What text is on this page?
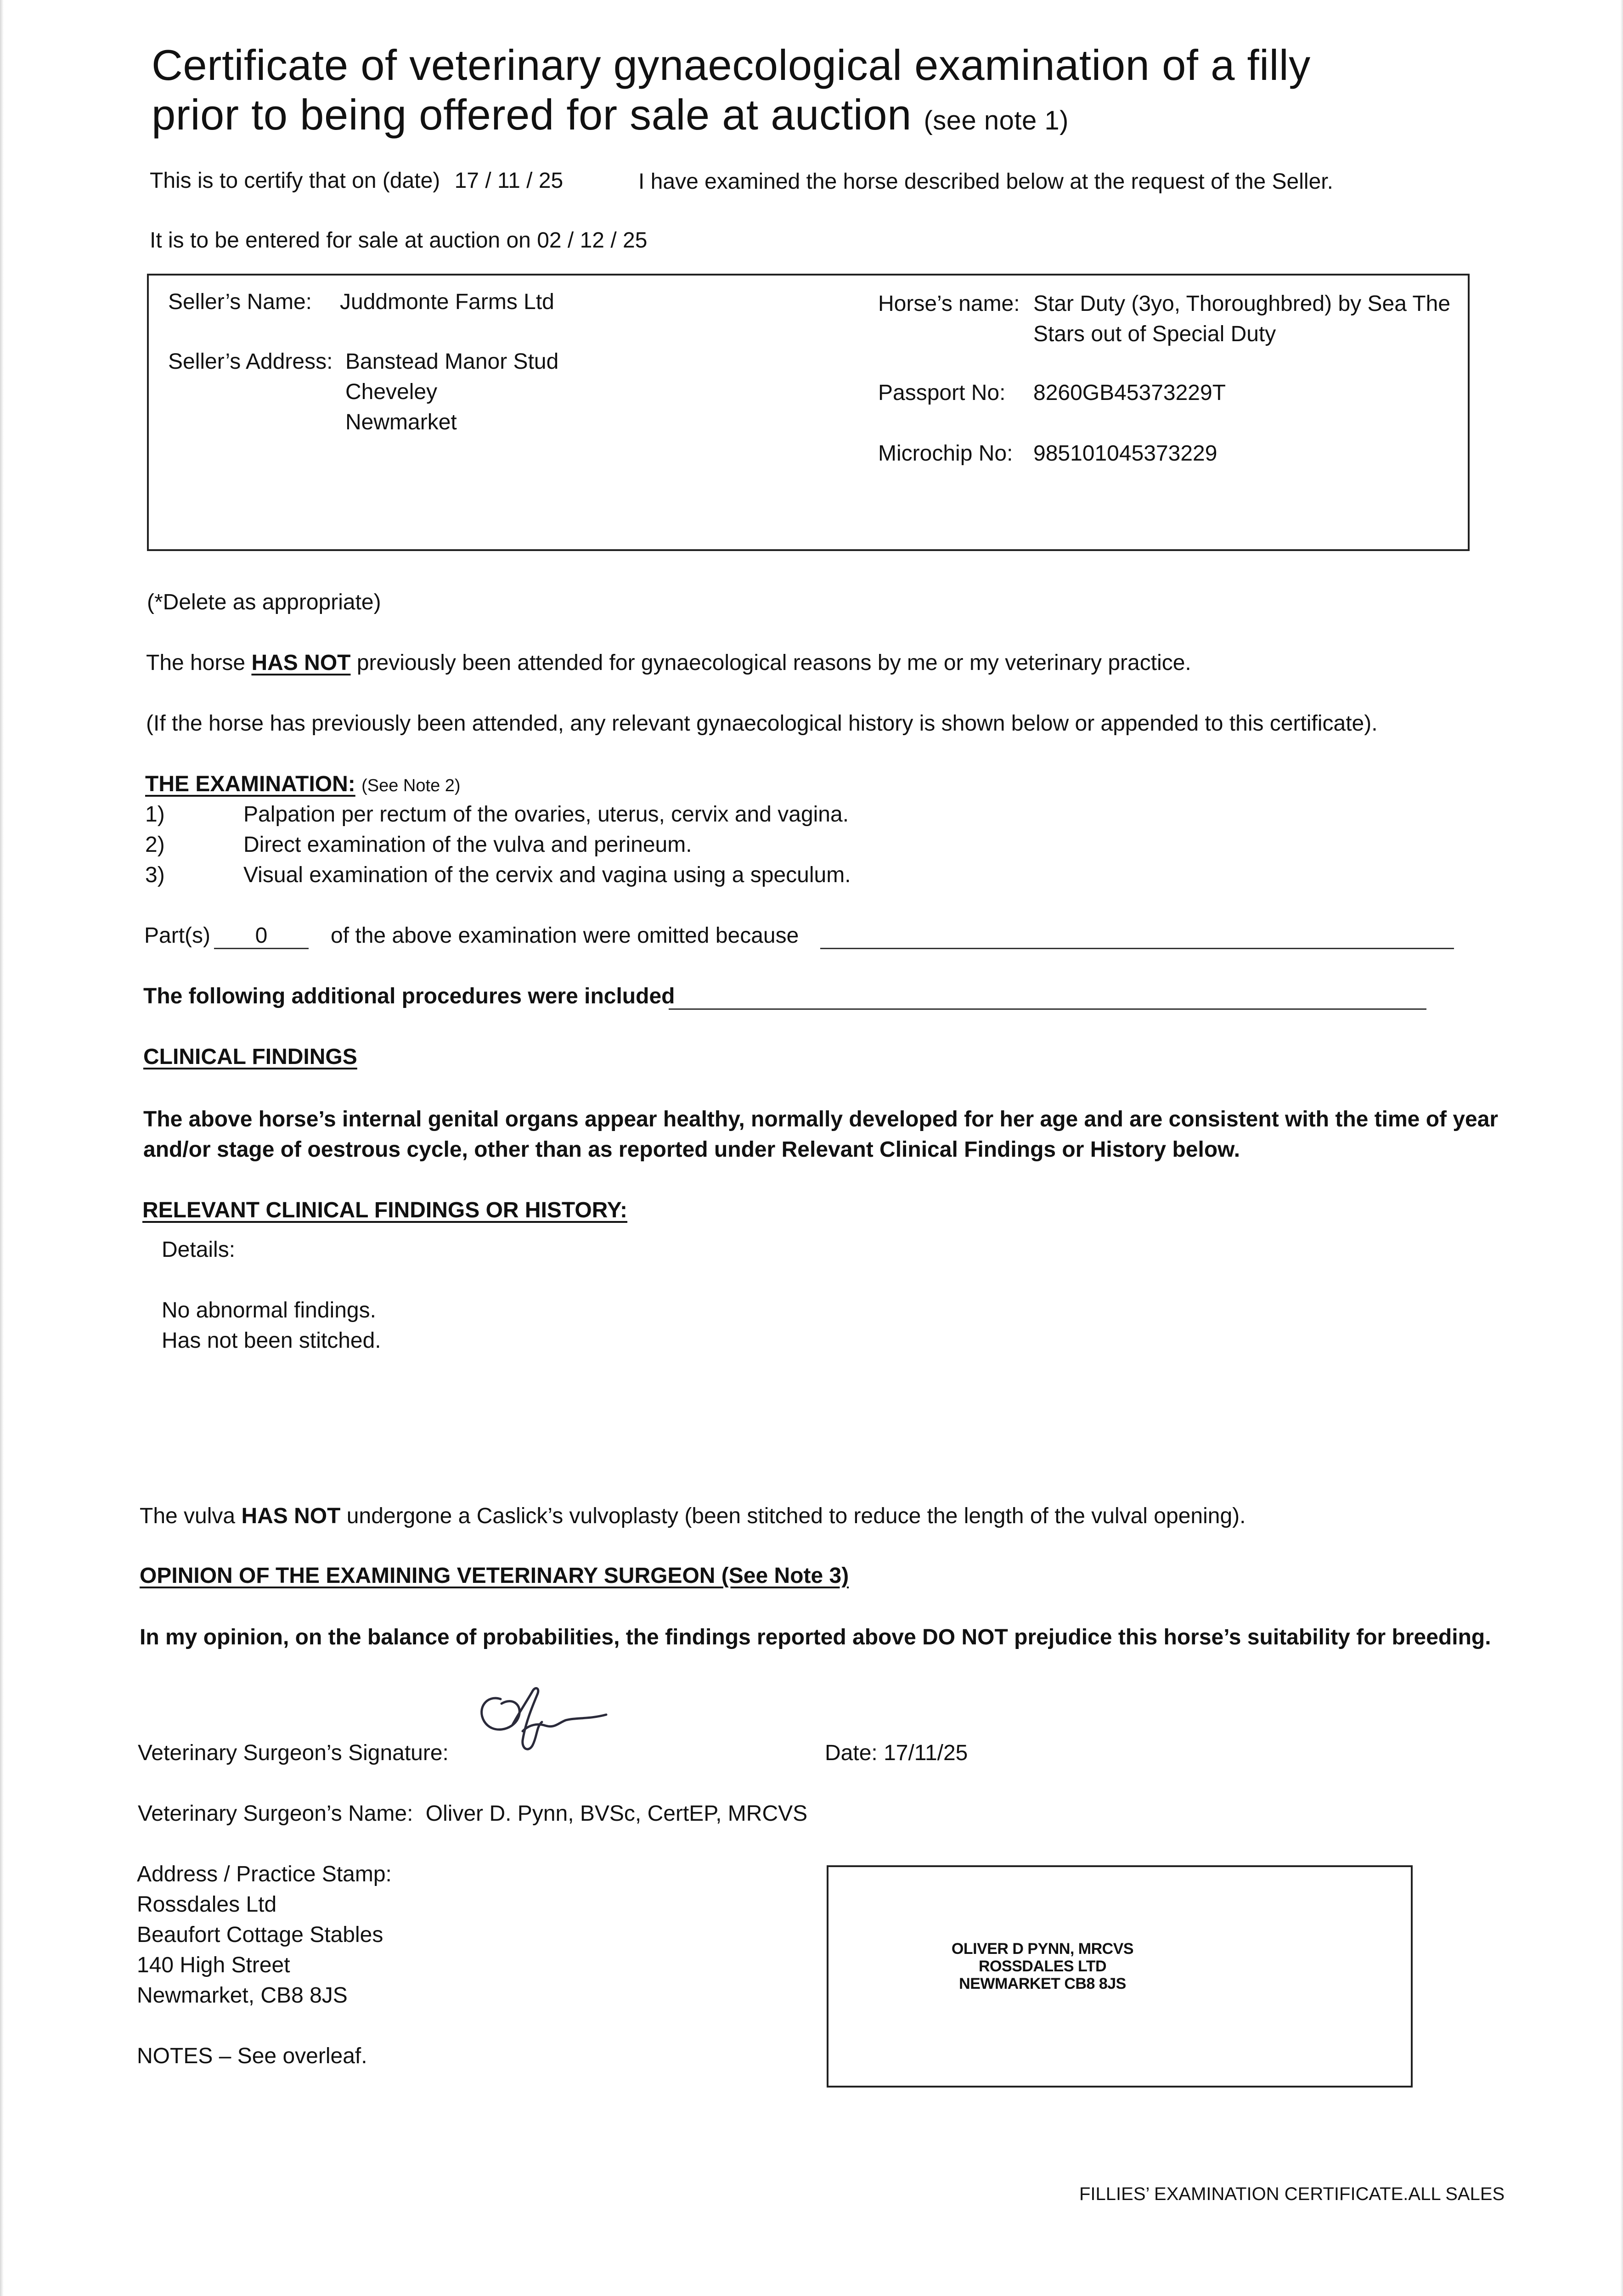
Certificate of veterinary gynaecological examination of a filly
prior to being offered for sale at auction (see note 1)
This is to certify that on (date) 17 / 11 / 25	I have examined the horse described below at the request of the Seller.
It is to be entered for sale at auction on 02 / 12 / 25
Seller’s Name: Juddmonte Farms Ltd
Seller’s Address: Banstead Manor Stud
Cheveley
Newmarket
Horse’s name: Star Duty (3yo, Thoroughbred) by Sea The
Stars out of Special Duty
Passport No: 8260GB45373229T
Microchip No: 985101045373229
(*Delete as appropriate)
The horse HAS NOT previously been attended for gynaecological reasons by me or my veterinary practice.
(If the horse has previously been attended, any relevant gynaecological history is shown below or appended to this certificate).
THE EXAMINATION: (See Note 2)
1)	Palpation per rectum of the ovaries, uterus, cervix and vagina.
2)	Direct examination of the vulva and perineum.
3)	Visual examination of the cervix and vagina using a speculum.
Part(s)	0	of the above examination were omitted because
The following additional procedures were included
CLINICAL FINDINGS
The above horse’s internal genital organs appear healthy, normally developed for her age and are consistent with the time of year
and/or stage of oestrous cycle, other than as reported under Relevant Clinical Findings or History below.
RELEVANT CLINICAL FINDINGS OR HISTORY:
Details:
No abnormal findings.
Has not been stitched.
The vulva HAS NOT undergone a Caslick’s vulvoplasty (been stitched to reduce the length of the vulval opening).
OPINION OF THE EXAMINING VETERINARY SURGEON (See Note 3)
In my opinion, on the balance of probabilities, the findings reported above DO NOT prejudice this horse’s suitability for breeding.
Veterinary Surgeon’s Signature:	Date: 17/11/25
Veterinary Surgeon’s Name: Oliver D. Pynn, BVSc, CertEP, MRCVS
Address / Practice Stamp:
Rossdales Ltd
Beaufort Cottage Stables
140 High Street
Newmarket, CB8 8JS
OLIVER D PYNN, MRCVS
ROSSDALES LTD
NEWMARKET CB8 8JS
NOTES – See overleaf.
FILLIES’ EXAMINATION CERTIFICATE.ALL SALES
